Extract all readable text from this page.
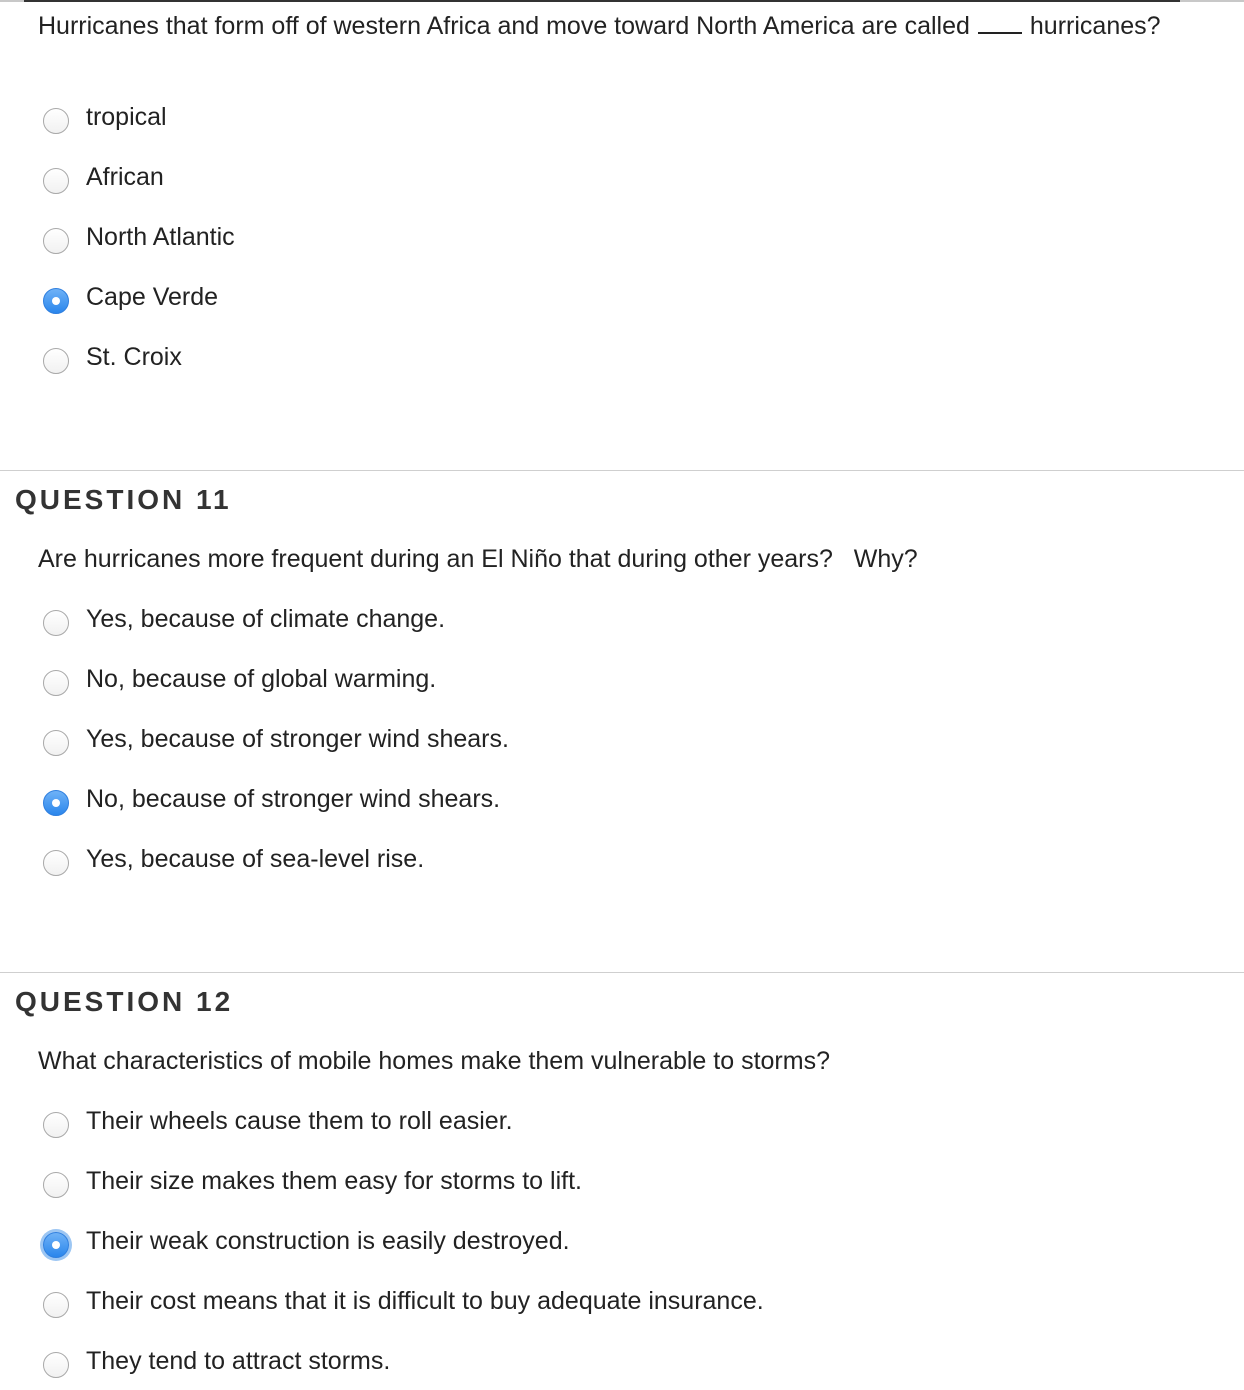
Hurricanes that form off of western Africa and move toward North America are called hurricanes?
tropical
African
North Atlantic
Cape Verde
St. Croix
QUESTION 11
Are hurricanes more frequent during an El Niño that during other years?   Why?
Yes, because of climate change.
No, because of global warming.
Yes, because of stronger wind shears.
No, because of stronger wind shears.
Yes, because of sea-level rise.
QUESTION 12
What characteristics of mobile homes make them vulnerable to storms?
Their wheels cause them to roll easier.
Their size makes them easy for storms to lift.
Their weak construction is easily destroyed.
Their cost means that it is difficult to buy adequate insurance.
They tend to attract storms.
